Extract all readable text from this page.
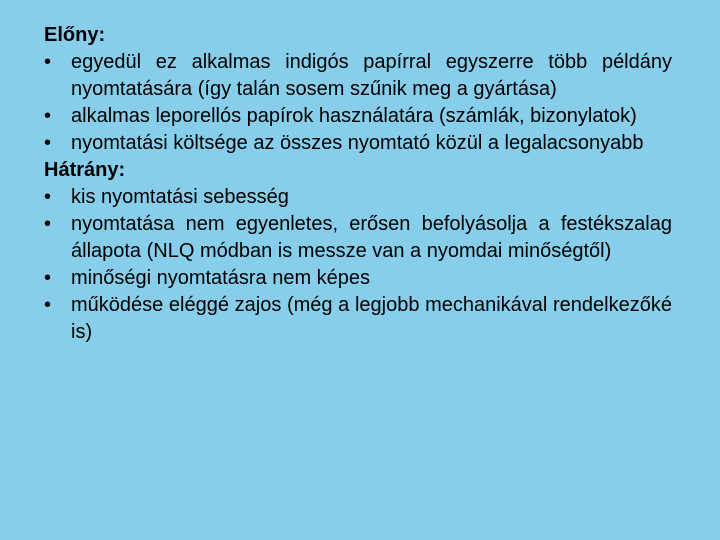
Előny:
• egyedül ez alkalmas indigós papírral egyszerre több példány nyomtatására (így talán sosem szűnik meg a gyártása)
• alkalmas leporellós papírok használatára (számlák, bizonylatok)
• nyomtatási költsége az összes nyomtató közül a legalacsonyabb
Hátrány:
• kis nyomtatási sebesség
• nyomtatása nem egyenletes, erősen befolyásolja a festékszalag állapota (NLQ módban is messze van a nyomdai minőségtől)
• minőségi nyomtatásra nem képes
• működése eléggé zajos (még a legjobb mechanikával rendelkezőké is)
